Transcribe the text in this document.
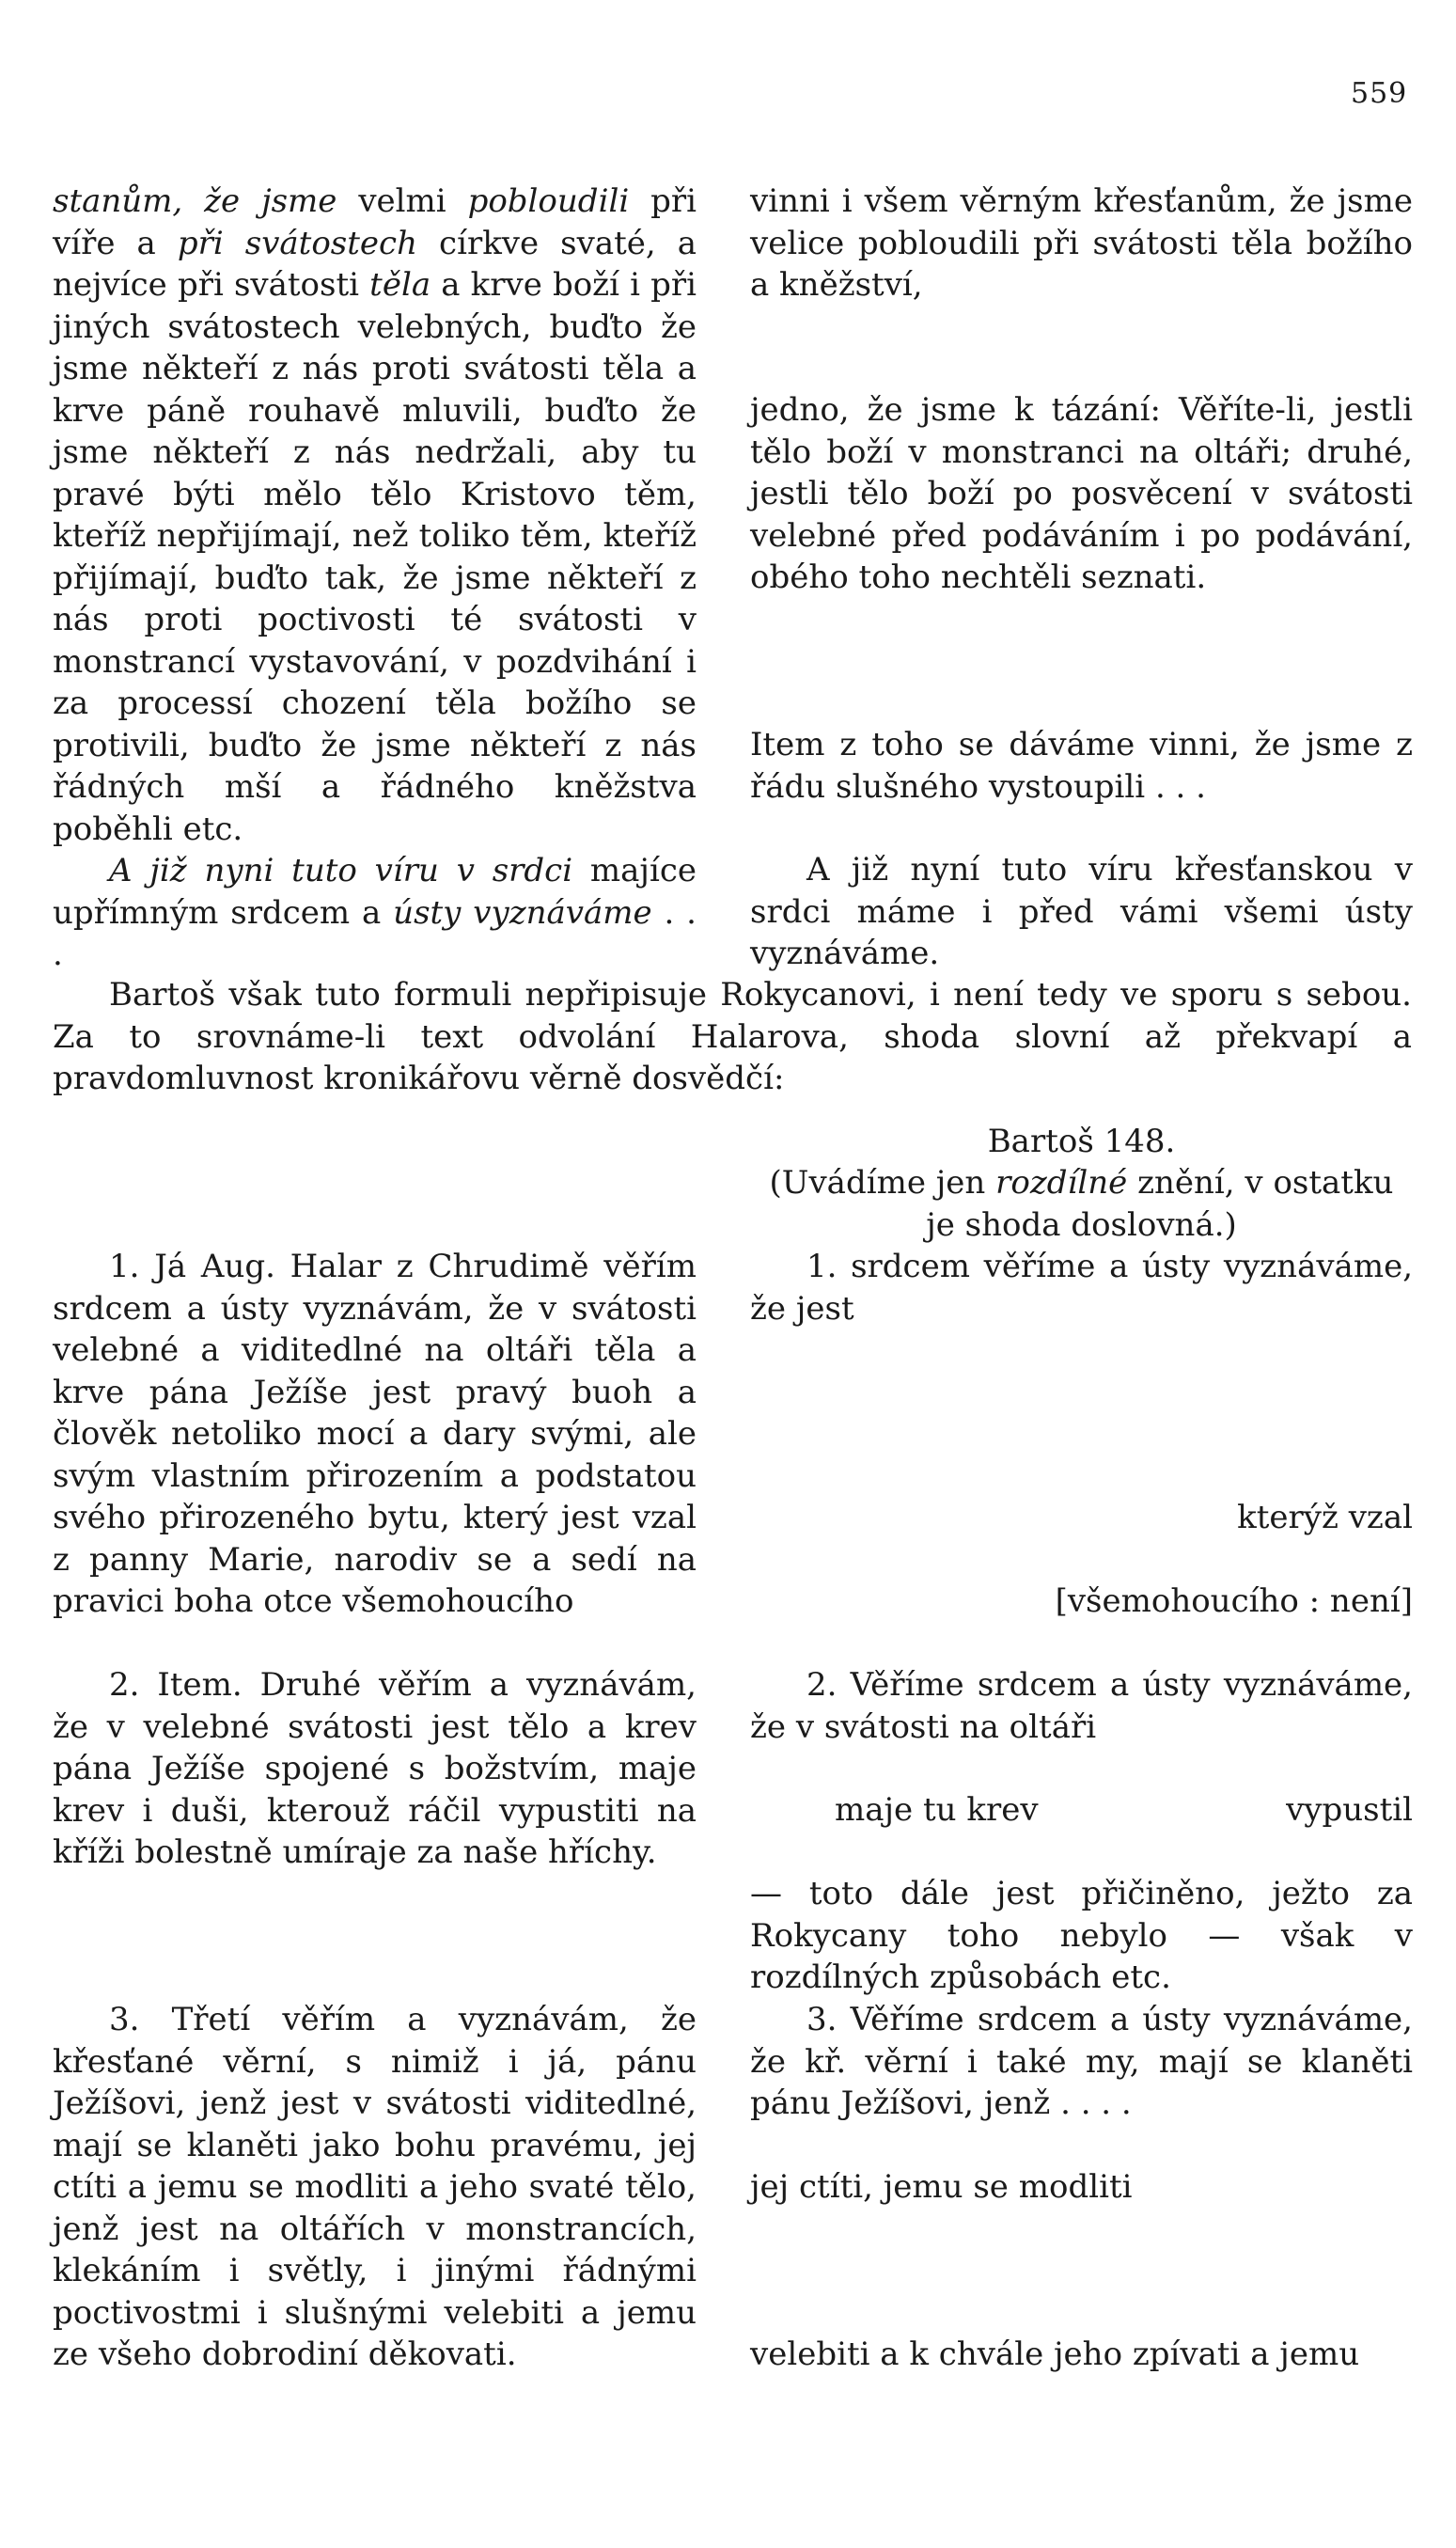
559

stanům, že jsme velmi pobloudili při víře a při svátostech církve svaté, a nejvíce při svátosti těla a krve boží i při jiných svátostech velebných, buďto že jsme někteří z nás proti svátosti těla a krve páně rouhavě mluvili, buďto že jsme někteří z nás nedržali, aby tu pravé býti mělo tělo Kristovo těm, kteříž nepřijímají, než toliko těm, kteříž přijímají, buďto tak, že jsme někteří z nás proti poctivosti té svátosti v monstrancí vystavování, v pozdvihání i za processí chození těla božího se protivili, buďto že jsme někteří z nás řádných mší a řádného kněžstva poběhli etc.

A již nyni tuto víru v srdci majíce upřímným srdcem a ústy vyznáváme . . .

vinni i všem věrným křesťanům, že jsme velice pobloudili při svátosti těla božího a kněžství,
jedno, že jsme k tázání: Věříte-li, jestli tělo boží v monstranci na oltáři; druhé, jestli tělo boží po posvěcení v svátosti velebné před podáváním i po podávání, obého toho nechtěli seznati.
Item z toho se dáváme vinni, že jsme z řádu slušného vystoupili . . .
A již nyní tuto víru křesťanskou v srdci máme i před vámi všemi ústy vyznáváme.
Bartoš však tuto formuli nepřipisuje Rokycanovi, i není tedy ve sporu s sebou. Za to srovnáme-li text odvolání Halarova, shoda slovní až překvapí a pravdomluvnost kronikářovu věrně dosvědčí:
Bartoš 148.
(Uvádíme jen rozdílné znění, v ostatku je shoda doslovná.)
1. Já Aug. Halar z Chrudimě věřím srdcem a ústy vyznávám, že v svátosti velebné a viditedlné na oltáři těla a krve pána Ježíše jest pravý buoh a člověk netoliko mocí a dary svými, ale svým vlastním přirozením a podstatou svého přirozeného bytu, který jest vzal z panny Marie, narodiv se a sedí na pravici boha otce všemohoucího
2. Item. Druhé věřím a vyznávám, že v velebné svátosti jest tělo a krev pána Ježíše spojené s božstvím, maje krev i duši, kterouž ráčil vypustiti na kříži bolestně umíraje za naše hříchy.
3. Třetí věřím a vyznávám, že křesťané věrní, s nimiž i já, pánu Ježíšovi, jenž jest v svátosti viditedlné, mají se klaněti jako bohu pravému, jej ctíti a jemu se modliti a jeho svaté tělo, jenž jest na oltářích v monstrancích, klekáním i světly, i jinými řádnými poctivostmi i slušnými velebiti a jemu ze všeho dobrodiní děkovati.
1. srdcem věříme a ústy vyznáváme, že jest
kterýž vzal
[všemohoucího : není]
2. Věříme srdcem a ústy vyznáváme, že v svátosti na oltáři
maje tu krev	vypustil
— toto dále jest přičiněno, ježto za Rokycany toho nebylo — však v rozdílných způsobách etc.
3. Věříme srdcem a ústy vyznáváme, že kř. věrní i také my, mají se klaněti pánu Ježíšovi, jenž . . . .
jej ctíti, jemu se modliti
velebiti a k chvále jeho zpívati a jemu
